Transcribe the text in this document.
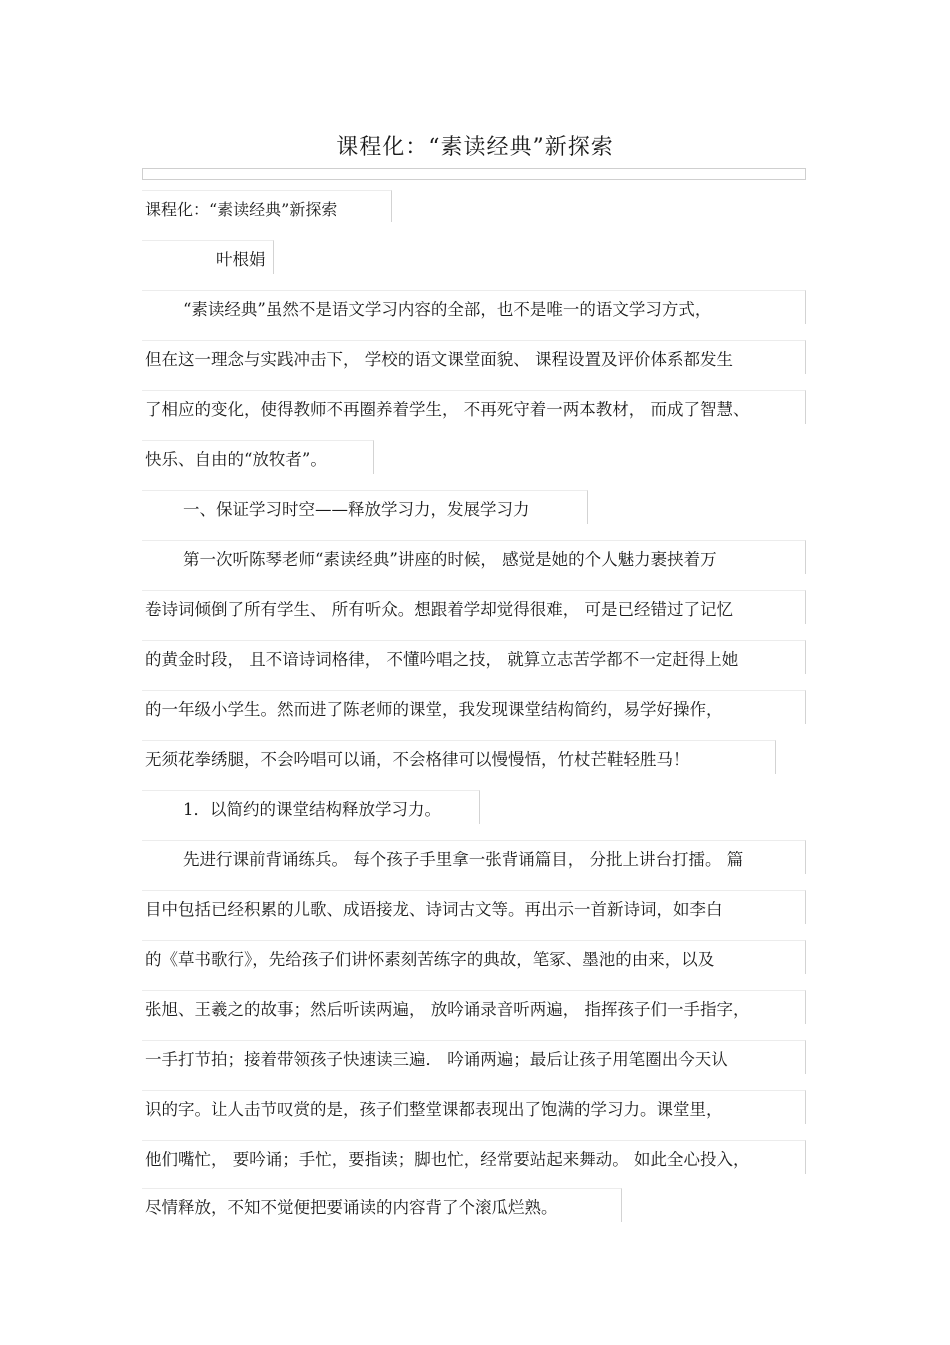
课程化：“素读经典”新探索
课程化：“素读经典”新探索
叶根娟
“素读经典”虽然不是语文学习内容的全部，也不是唯一的语文学习方式，
但在这一理念与实践冲击下， 学校的语文课堂面貌、 课程设置及评价体系都发生
了相应的变化，使得教师不再圈养着学生， 不再死守着一两本教材， 而成了智慧、
快乐、自由的“放牧者”。
一、保证学习时空——释放学习力，发展学习力
第一次听陈琴老师“素读经典”讲座的时候， 感觉是她的个人魅力裹挟着万
卷诗词倾倒了所有学生、 所有听众。想跟着学却觉得很难， 可是已经错过了记忆
的黄金时段， 且不谙诗词格律， 不懂吟唱之技， 就算立志苦学都不一定赶得上她
的一年级小学生。然而进了陈老师的课堂，我发现课堂结构简约，易学好操作，
无须花拳绣腿，不会吟唱可以诵，不会格律可以慢慢悟，竹杖芒鞋轻胜马！
1．以简约的课堂结构释放学习力。
先进行课前背诵练兵。 每个孩子手里拿一张背诵篇目， 分批上讲台打擂。 篇
目中包括已经积累的儿歌、成语接龙、诗词古文等。再出示一首新诗词，如李白
的《草书歌行》，先给孩子们讲怀素刻苦练字的典故，笔冢、墨池的由来，以及
张旭、王羲之的故事；然后听读两遍， 放吟诵录音听两遍， 指挥孩子们一手指字，
一手打节拍；接着带领孩子快速读三遍． 吟诵两遍；最后让孩子用笔圈出今天认
识的字。让人击节叹赏的是，孩子们整堂课都表现出了饱满的学习力。课堂里，
他们嘴忙， 要吟诵；手忙，要指读；脚也忙，经常要站起来舞动。 如此全心投入，
尽情释放，不知不觉便把要诵读的内容背了个滚瓜烂熟。
